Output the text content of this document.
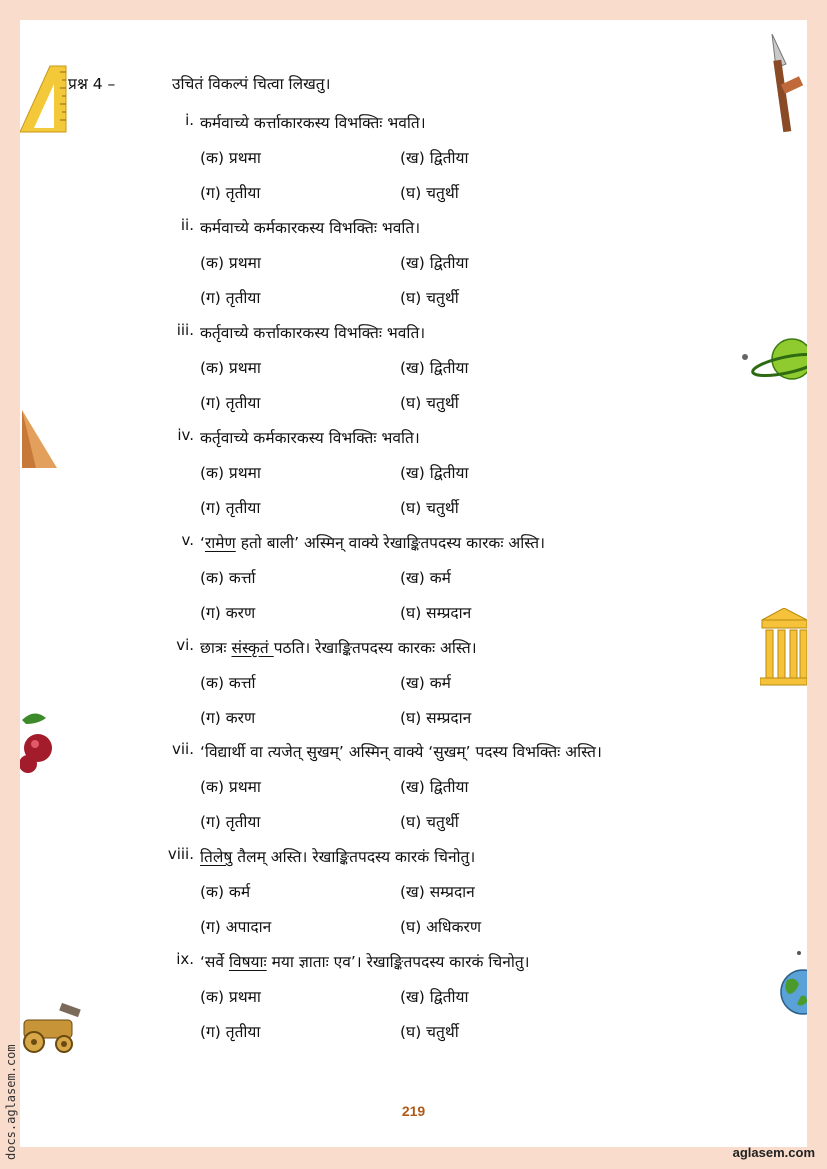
प्रश्न 4 –	उचितं विकल्पं चित्वा लिखतु।
i. कर्मवाच्ये कर्त्ताकारकस्य विभक्तिः भवति।
(क) प्रथमा	(ख) द्वितीया
(ग) तृतीया	(घ) चतुर्थी
ii. कर्मवाच्ये कर्मकारकस्य विभक्तिः भवति।
(क) प्रथमा	(ख) द्वितीया
(ग) तृतीया	(घ) चतुर्थी
iii. कर्तृवाच्ये कर्त्ताकारकस्य विभक्तिः भवति।
(क) प्रथमा	(ख) द्वितीया
(ग) तृतीया	(घ) चतुर्थी
iv. कर्तृवाच्ये कर्मकारकस्य विभक्तिः भवति।
(क) प्रथमा	(ख) द्वितीया
(ग) तृतीया	(घ) चतुर्थी
v. ‘रामेण हतो बाली’ अस्मिन् वाक्ये रेखाङ्कितपदस्य कारकः अस्ति।
(क) कर्त्ता	(ख) कर्म
(ग) करण	(घ) सम्प्रदान
vi. छात्रः संस्कृतं पठति। रेखाङ्कितपदस्य कारकः अस्ति।
(क) कर्त्ता	(ख) कर्म
(ग) करण	(घ) सम्प्रदान
vii. ‘विद्यार्थी वा त्यजेत् सुखम्’ अस्मिन् वाक्ये ‘सुखम्’ पदस्य विभक्तिः अस्ति।
(क) प्रथमा	(ख) द्वितीया
(ग) तृतीया	(घ) चतुर्थी
viii. तिलेषु तैलम् अस्ति। रेखाङ्कितपदस्य कारकं चिनोतु।
(क) कर्म	(ख) सम्प्रदान
(ग) अपादान	(घ) अधिकरण
ix. ‘सर्वे विषयाः मया ज्ञाताः एव’। रेखाङ्कितपदस्य कारकं चिनोतु।
(क) प्रथमा	(ख) द्वितीया
(ग) तृतीया	(घ) चतुर्थी
219
aglasem.com
docs.aglasem.com
